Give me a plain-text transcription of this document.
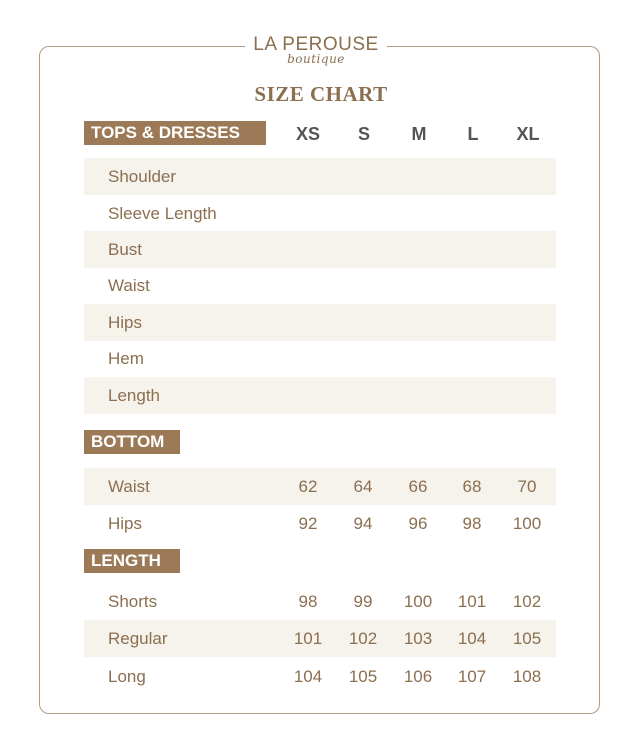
LA PEROUSE
boutique
SIZE CHART
TOPS & DRESSES	XS	S	M	L	XL
Shoulder
Sleeve Length
Bust
Waist
Hips
Hem
Length
BOTTOM
Waist	62	64	66	68	70
Hips	92	94	96	98	100
LENGTH
Shorts	98	99	100	101	102
Regular	101	102	103	104	105
Long	104	105	106	107	108
